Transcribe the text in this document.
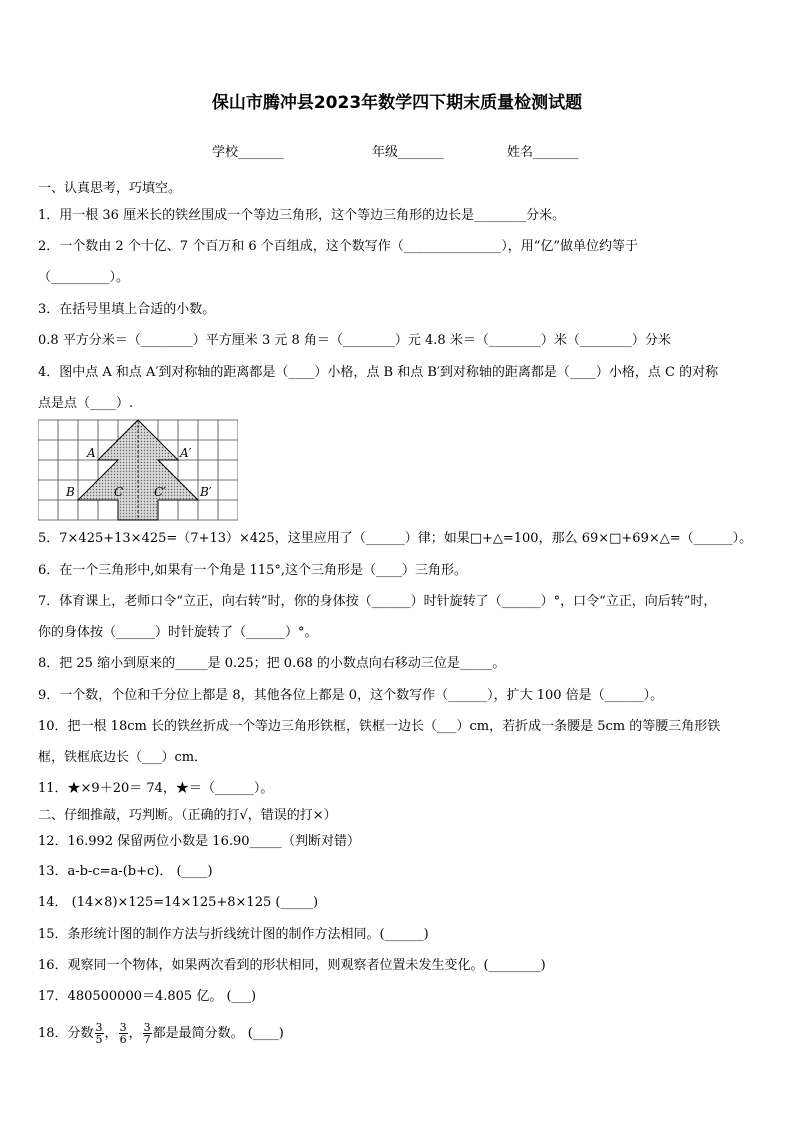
保山市腾冲县2023年数学四下期末质量检测试题
学校_______	年级_______	姓名_______
一、认真思考，巧填空。
1．用一根 36 厘米长的铁丝围成一个等边三角形，这个等边三角形的边长是________分米。
2．一个数由 2 个十亿、7 个百万和 6 个百组成，这个数写作（_______________），用“亿”做单位约等于
（_________）。
3．在括号里填上合适的小数。
0.8 平方分米＝（________）平方厘米 3 元 8 角＝（________）元 4.8 米＝（________）米（________）分米
4．图中点 A 和点 A′到对称轴的距离都是（____）小格，点 B 和点 B′到对称轴的距离都是（____）小格，点 C 的对称
点是点（____）.
A	A′
B	C	C′	B′
5．7×425+13×425=（7+13）×425，这里应用了（______）律；如果□+△=100，那么 69×□+69×△=（______）。
6．在一个三角形中,如果有一个角是 115°,这个三角形是（____）三角形。
7．体育课上，老师口令“立正，向右转”时，你的身体按（______）时针旋转了（______）°，口令“立正，向后转”时，
你的身体按（______）时针旋转了（______）°。
8．把 25 缩小到原来的_____是 0.25；把 0.68 的小数点向右移动三位是_____。
9．一个数，个位和千分位上都是 8，其他各位上都是 0，这个数写作（______），扩大 100 倍是（______）。
10．把一根 18cm 长的铁丝折成一个等边三角形铁框，铁框一边长（___）cm，若折成一条腰是 5cm 的等腰三角形铁
框，铁框底边长（___）cm．
11．★×9＋20＝ 74，★＝（______）。
二、仔细推敲，巧判断。（正确的打√，错误的打×）
12．16.992 保留两位小数是 16.90_____（判断对错）
13．a-b-c=a-(b+c)． (____)
14． (14×8)×125=14×125+8×125 (_____)
15．条形统计图的制作方法与折线统计图的制作方法相同。(______)
16．观察同一个物体，如果两次看到的形状相同，则观察者位置未发生变化。(________)
17．480500000＝4.805 亿。 (___)
18．分数 $\frac{3}{5}$ ， $\frac{3}{6}$ ， $\frac{3}{7}$ 都是最简分数。 (____)
